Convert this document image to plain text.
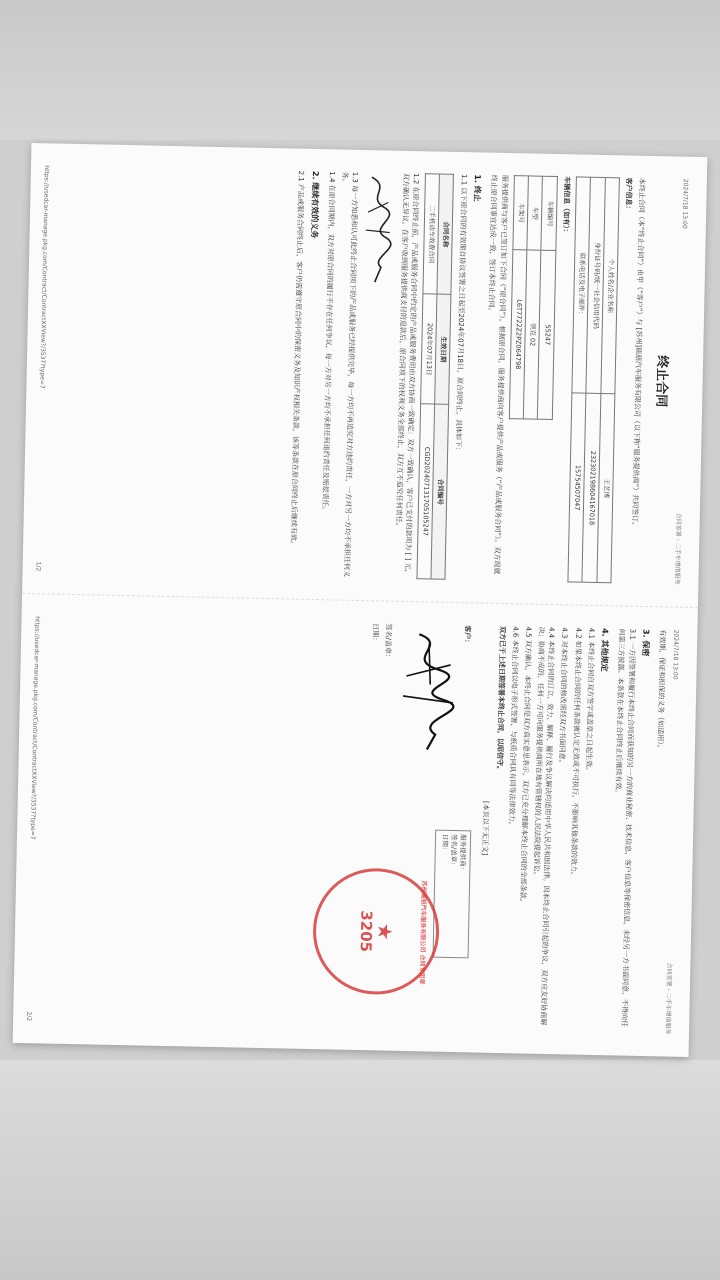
2024/7/18 13:00
合同签署 - 二手车增值服务
终止合同
本终止合同（本“终止合同”）由甲（“客户”）与 [苏州]瑞朋汽车服务有限公司（以下称“服务提供商”）共同签订。
客户信息：
个人姓名/企业名称	王艺博
身份证号码/统一社会信用代码	232302198604167018
联系电话及电子邮件：	15754507047
车辆信息（如有）：
车辆编号	55247
车型	领克 02
车架号	L6T7722Z2PZ064798
服务提供商与客户已签订如下合同（“原合同”）。根据原合同，服务提供商向客户提供产品或服务（“产品或服务合同”）。双方现就终止原合同事宜达成一致，签订本终止合同。
1. 终止
1.1 以下原合同的有效期自协议签署之日起至2024年07月18日，原合同终止，具体如下：
合同名称	生效日期	合同编号
二手机动车收费合同	2024年07月13日	CGD202407131705105247
1.2 在原合同终止前，产品或服务合同中约定的产品或服务费用由双方协商一致确定：双方一致确认，客户已支付的款项为 [ ] 元，双方确认无异议。在客户收到服务提供商支付的退款后，原合同项下的权利义务全部终止，双方互不追究任何责任。
1.3 每一方知悉和认可此终止合同项下的产品或服务已经提供完毕，每一方均不再追究对方违约责任，一方对另一方均不承担任何义务。
1.4 在原合同期内，双方对原合同的履行不存在任何争议，每一方对另一方均不承担任何违约责任及赔偿责任。
2. 继续有效的义务
2.1 产品或服务合同终止后，客户仍需遵守原合同中的保密义务及知识产权相关条款，该等条款在原合同终止后继续有效。
https://usedcar-manage.pkg.com/Contract/ContractXXView?/3537?type=7
1/2
2024/7/18 13:00
合同签署 - 二手车增值服务
有效期，保证和担保的义务（如适用）。
3. 保密
3.1 一方因签署和履行本终止合同而获知的另一方的商业秘密、技术信息、客户信息等保密信息，未经另一方书面同意，不得向任何第三方披露。本条款在本终止合同终止后继续有效。
4. 其他规定
4.1 本终止合同自双方签字或盖章之日起生效。
4.2 如果本终止合同的任何条款被认定无效或不可执行，不影响其他条款的效力。
4.3 对本终止合同的修改需经双方书面同意。
4.4 本终止合同的订立、效力、解释、履行及争议解决均适用中华人民共和国法律。因本终止合同引起的争议，双方应友好协商解决；协商不成的，任何一方可向服务提供商所在地有管辖权的人民法院提起诉讼。
4.5 双方确认，本终止合同是双方真实意思表示，双方已充分理解本终止合同的全部条款。
4.6 本终止合同以电子形式签署，与纸质合同具有同等法律效力。
双方已于上述日期签署本终止合同，以昭信守。
[本页以下无正文]
客户：
签名/盖章：
日期：
服务提供商：
签名/盖章：
日期：
苏州瑞朋汽车服务有限公司 合同专用章
★
3205
https://usedcar-manage.pkg.com/Contract/ContractXXView?/3537?type=7
2/2
